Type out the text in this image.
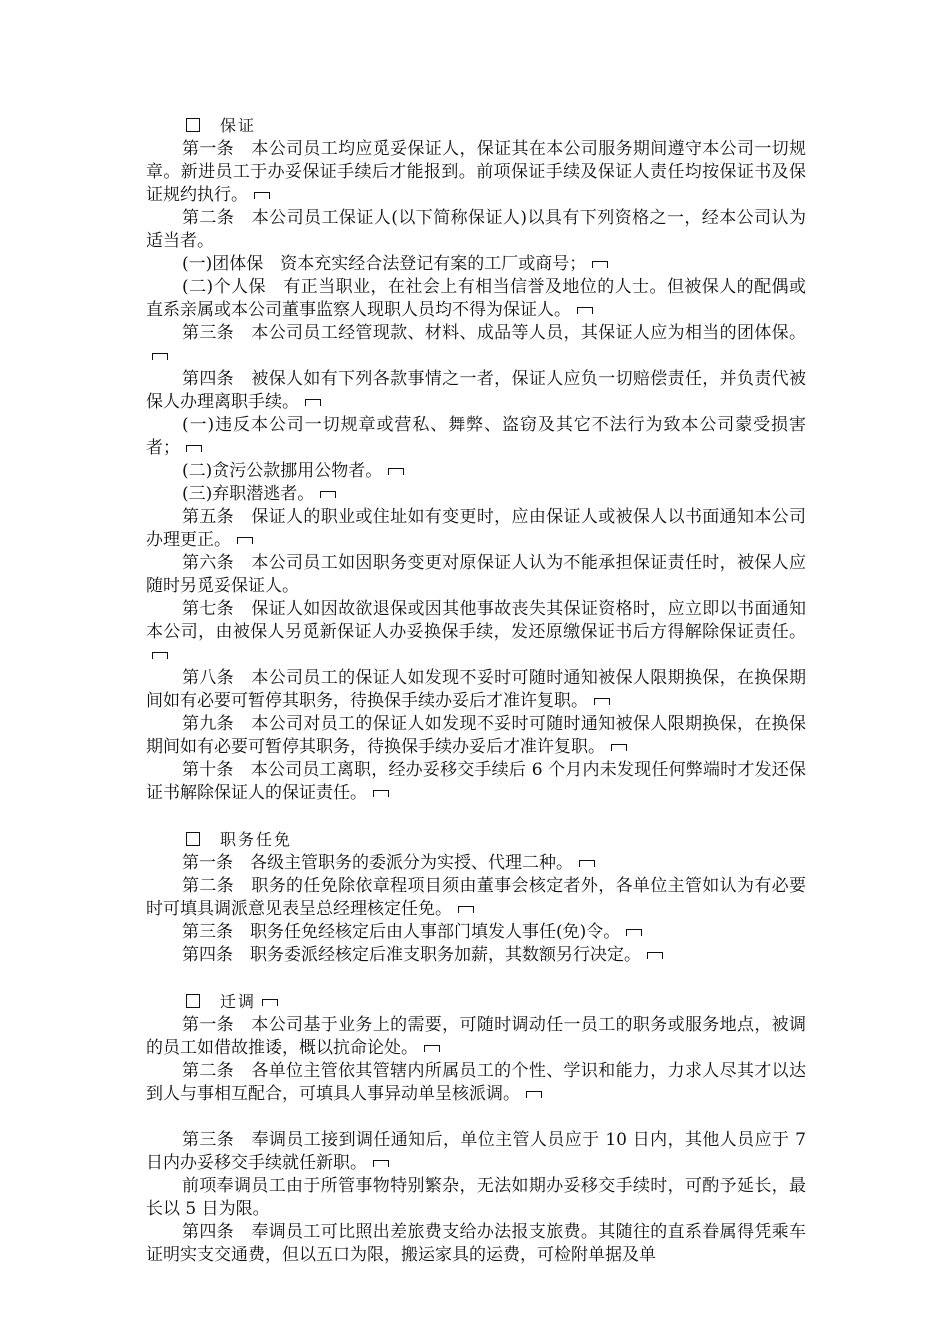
保证

第一条　本公司员工均应觅妥保证人，保证其在本公司服务期间遵守本公司一切规章。新进员工于办妥保证手续后才能报到。前项保证手续及保证人责任均按保证书及保证规约执行。

第二条　本公司员工保证人(以下简称保证人)以具有下列资格之一，经本公司认为适当者。

(一)团体保　资本充实经合法登记有案的工厂或商号；

(二)个人保　有正当职业，在社会上有相当信誉及地位的人士。但被保人的配偶或直系亲属或本公司董事监察人现职人员均不得为保证人。

第三条　本公司员工经管现款、材料、成品等人员，其保证人应为相当的团体保。

第四条　被保人如有下列各款事情之一者，保证人应负一切赔偿责任，并负责代被保人办理离职手续。

(一)违反本公司一切规章或营私、舞弊、盗窃及其它不法行为致本公司蒙受损害者；

(二)贪污公款挪用公物者。

(三)弃职潜逃者。

第五条　保证人的职业或住址如有变更时，应由保证人或被保人以书面通知本公司办理更正。

第六条　本公司员工如因职务变更对原保证人认为不能承担保证责任时，被保人应随时另觅妥保证人。

第七条　保证人如因故欲退保或因其他事故丧失其保证资格时，应立即以书面通知本公司，由被保人另觅新保证人办妥换保手续，发还原缴保证书后方得解除保证责任。

第八条　本公司员工的保证人如发现不妥时可随时通知被保人限期换保，在换保期间如有必要可暂停其职务，待换保手续办妥后才准许复职。

第九条　本公司对员工的保证人如发现不妥时可随时通知被保人限期换保，在换保期间如有必要可暂停其职务，待换保手续办妥后才准许复职。

第十条　本公司员工离职，经办妥移交手续后 6 个月内未发现任何弊端时才发还保证书解除保证人的保证责任。

职务任免

第一条　各级主管职务的委派分为实授、代理二种。

第二条　职务的任免除依章程项目须由董事会核定者外，各单位主管如认为有必要时可填具调派意见表呈总经理核定任免。

第三条　职务任免经核定后由人事部门填发人事任(免)令。

第四条　职务委派经核定后准支职务加薪，其数额另行决定。

迁调

第一条　本公司基于业务上的需要，可随时调动任一员工的职务或服务地点，被调的员工如借故推诿，概以抗命论处。

第二条　各单位主管依其管辖内所属员工的个性、学识和能力，力求人尽其才以达到人与事相互配合，可填具人事异动单呈核派调。

第三条　奉调员工接到调任通知后，单位主管人员应于 10 日内，其他人员应于 7 日内办妥移交手续就任新职。

前项奉调员工由于所管事物特别繁杂，无法如期办妥移交手续时，可酌予延长，最长以 5 日为限。

第四条　奉调员工可比照出差旅费支给办法报支旅费。其随往的直系眷属得凭乘车证明实支交通费，但以五口为限，搬运家具的运费，可检附单据及单
